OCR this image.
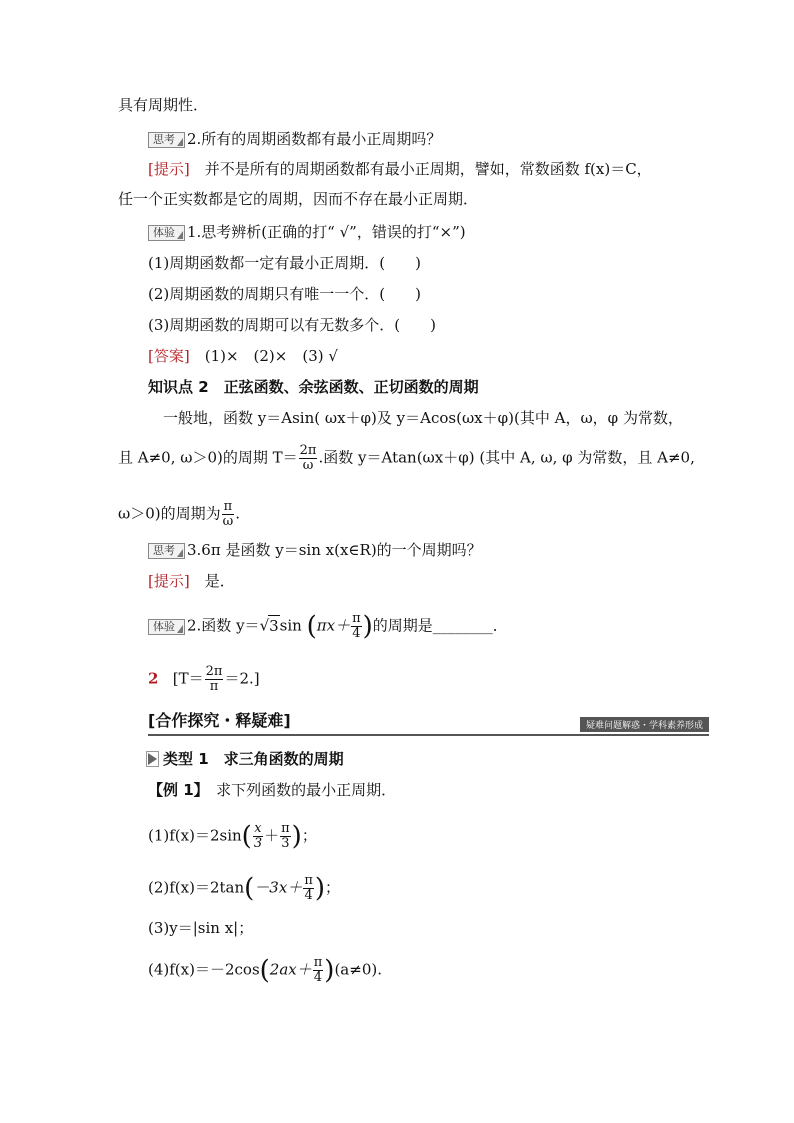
具有周期性．
思考 2.所有的周期函数都有最小正周期吗？
[提示]　并不是所有的周期函数都有最小正周期，譬如，常数函数 f(x)＝C，
任一个正实数都是它的周期，因而不存在最小正周期．
体验 1.思考辨析(正确的打“ √”，错误的打“×”)
(1)周期函数都一定有最小正周期．(　　)
(2)周期函数的周期只有唯一一个．(　　)
(3)周期函数的周期可以有无数多个．(　　)
[答案]　(1)×　(2)×　(3) √
知识点 2　正弦函数、余弦函数、正切函数的周期
　一般地，函数 y＝Asin( ωx＋φ)及 y＝Acos(ωx＋φ)(其中 A，ω，φ 为常数，
且 A≠0, ω＞0)的周期 $T= \frac{2\pi}{\omega}$ .函数 y＝Atan(ωx＋φ) (其中 A, ω, φ 为常数，且 A≠0,
ω＞0)的周期为 $\frac{\pi}{\omega}$ .
思考 3.6π 是函数 y＝sin x(x∈R)的一个周期吗？
[提示]　是．
体验 2.函数 y＝√3sin ($\pi x+ \frac{\pi}{4}$ )的周期是________．
2 $[T= \frac{2\pi}{\pi} =2.]$
[合作探究・释疑难]	疑难问题解惑・学科素养形成
类型 1　求三角函数的周期
【例 1】　求下列函数的最小正周期．
$(1)f(x)=2\sin( \frac{x}{3} + \frac{\pi}{3}$ )；
$(2)f(x)=2\tan(-3x+ \frac{\pi}{4}$ )；
(3)y＝|sin x|；
$(4)f(x)=-2\cos(2ax+ \frac{\pi}{4} )(a\ne 0)$.
